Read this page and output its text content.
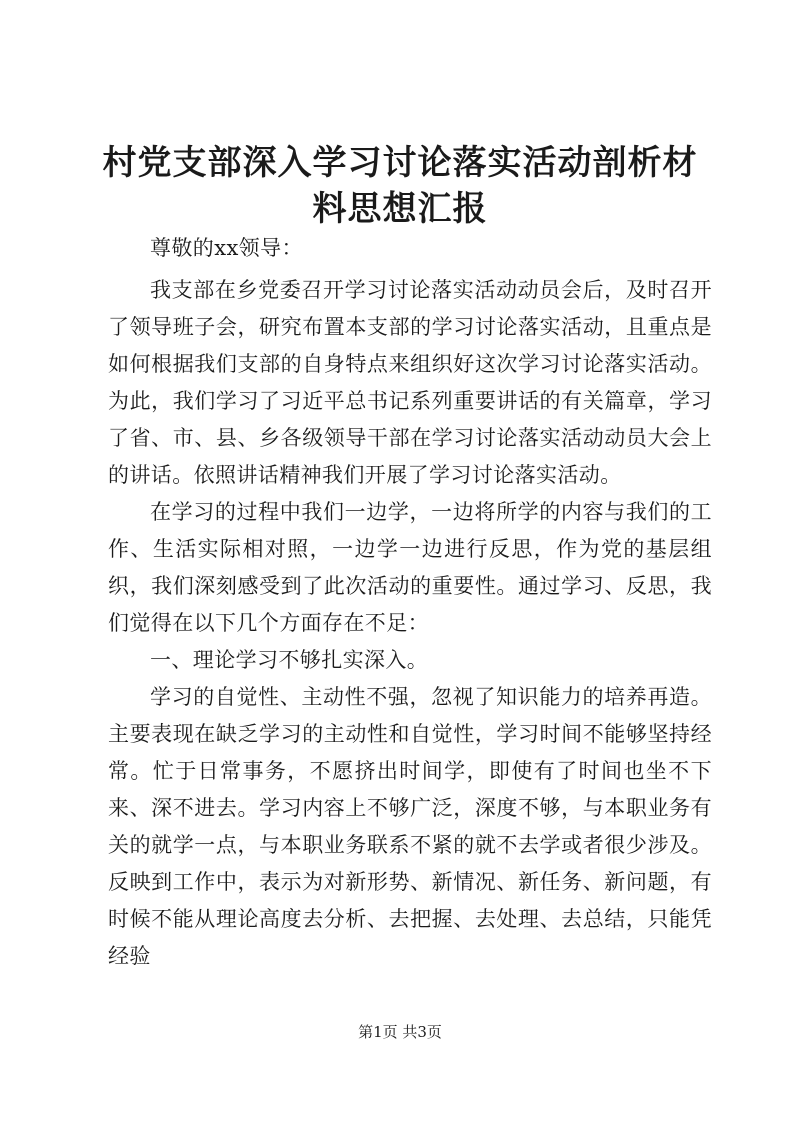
村党支部深入学习讨论落实活动剖析材料思想汇报

尊敬的xx领导：

我支部在乡党委召开学习讨论落实活动动员会后，及时召开了领导班子会，研究布置本支部的学习讨论落实活动，且重点是如何根据我们支部的自身特点来组织好这次学习讨论落实活动。为此，我们学习了习近平总书记系列重要讲话的有关篇章，学习了省、市、县、乡各级领导干部在学习讨论落实活动动员大会上的讲话。依照讲话精神我们开展了学习讨论落实活动。

在学习的过程中我们一边学，一边将所学的内容与我们的工作、生活实际相对照，一边学一边进行反思，作为党的基层组织，我们深刻感受到了此次活动的重要性。通过学习、反思，我们觉得在以下几个方面存在不足：

一、理论学习不够扎实深入。

学习的自觉性、主动性不强，忽视了知识能力的培养再造。主要表现在缺乏学习的主动性和自觉性，学习时间不能够坚持经常。忙于日常事务，不愿挤出时间学，即使有了时间也坐不下来、深不进去。学习内容上不够广泛，深度不够，与本职业务有关的就学一点，与本职业务联系不紧的就不去学或者很少涉及。反映到工作中，表示为对新形势、新情况、新任务、新问题，有时候不能从理论高度去分析、去把握、去处理、去总结，只能凭经验

第1页 共3页
